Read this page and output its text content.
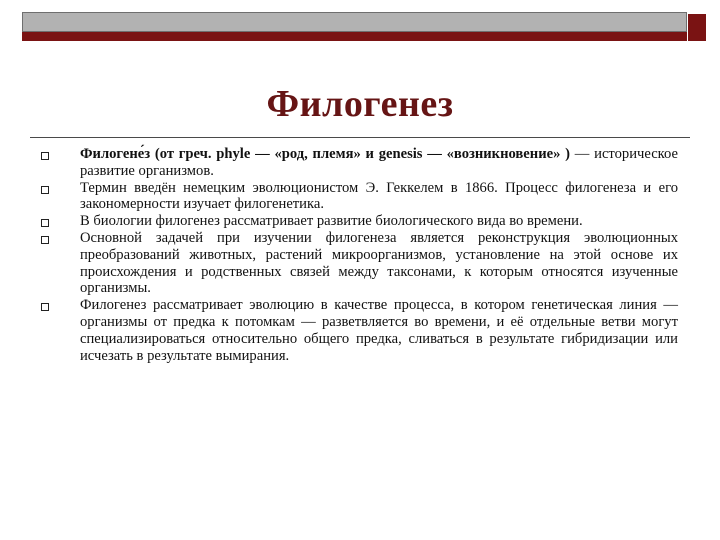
Филогенез
Филогене́з (от греч. phyle — «род, племя» и genesis — «возникновение» ) — историческое развитие организмов.
Термин введён немецким эволюционистом Э. Геккелем в 1866. Процесс филогенеза и его закономерности изучает филогенетика.
В биологии филогенез рассматривает развитие биологического вида во времени.
Основной задачей при изучении филогенеза является реконструкция эволюционных преобразований животных, растений микроорганизмов, установление на этой основе их происхождения и родственных связей между таксонами, к которым относятся изученные организмы.
Филогенез рассматривает эволюцию в качестве процесса, в котором генетическая линия — организмы от предка к потомкам — разветвляется во времени, и её отдельные ветви могут специализироваться относительно общего предка, сливаться в результате гибридизации или исчезать в результате вымирания.
